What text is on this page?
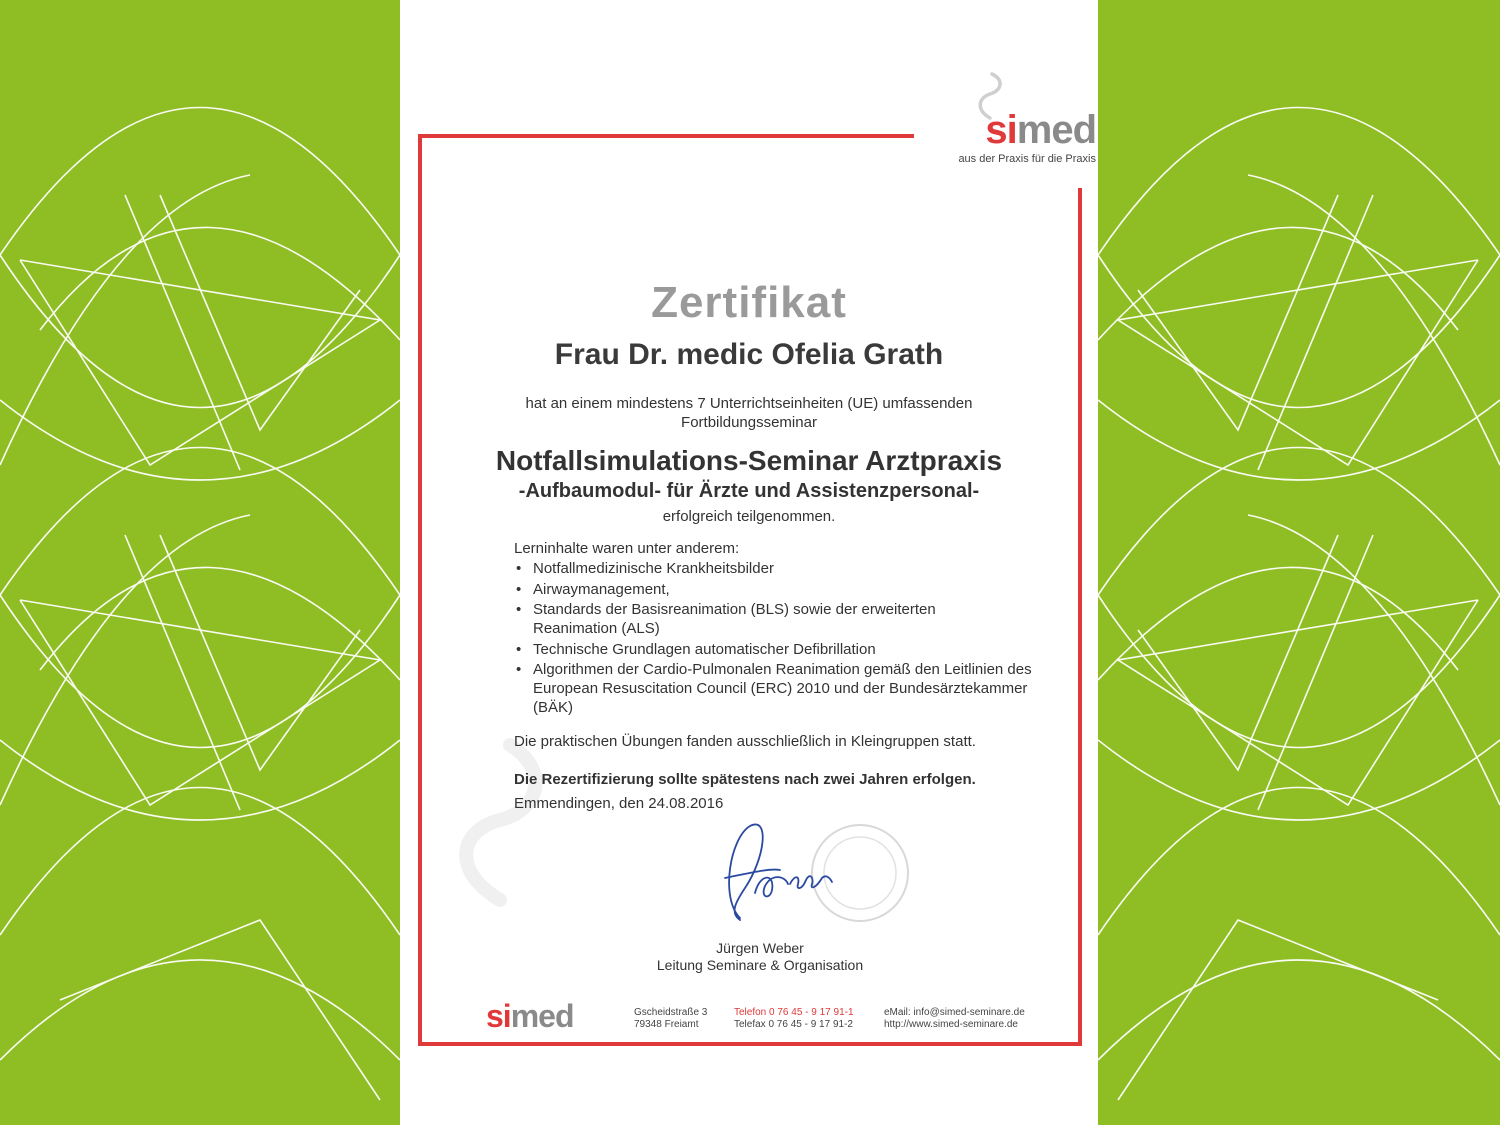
simed
aus der Praxis für die Praxis
Zertifikat
Frau Dr. medic Ofelia Grath
hat an einem mindestens 7 Unterrichtseinheiten (UE) umfassenden
Fortbildungsseminar
Notfallsimulations-Seminar Arztpraxis
-Aufbaumodul- für Ärzte und Assistenzpersonal-
erfolgreich teilgenommen.
Lerninhalte waren unter anderem:
• Notfallmedizinische Krankheitsbilder
• Airwaymanagement,
• Standards der Basisreanimation (BLS) sowie der erweiterten Reanimation (ALS)
• Technische Grundlagen automatischer Defibrillation
• Algorithmen der Cardio-Pulmonalen Reanimation gemäß den Leitlinien des European Resuscitation Council (ERC) 2010 und der Bundesärztekammer (BÄK)
Die praktischen Übungen fanden ausschließlich in Kleingruppen statt.
Die Rezertifizierung sollte spätestens nach zwei Jahren erfolgen.
Emmendingen, den 24.08.2016
Jürgen Weber
Leitung Seminare & Organisation
simed	Gscheidstraße 3
79348 Freiamt
Telefon 0 76 45 - 9 17 91-1
Telefax 0 76 45 - 9 17 91-2
eMail: info@simed-seminare.de
http://www.simed-seminare.de
